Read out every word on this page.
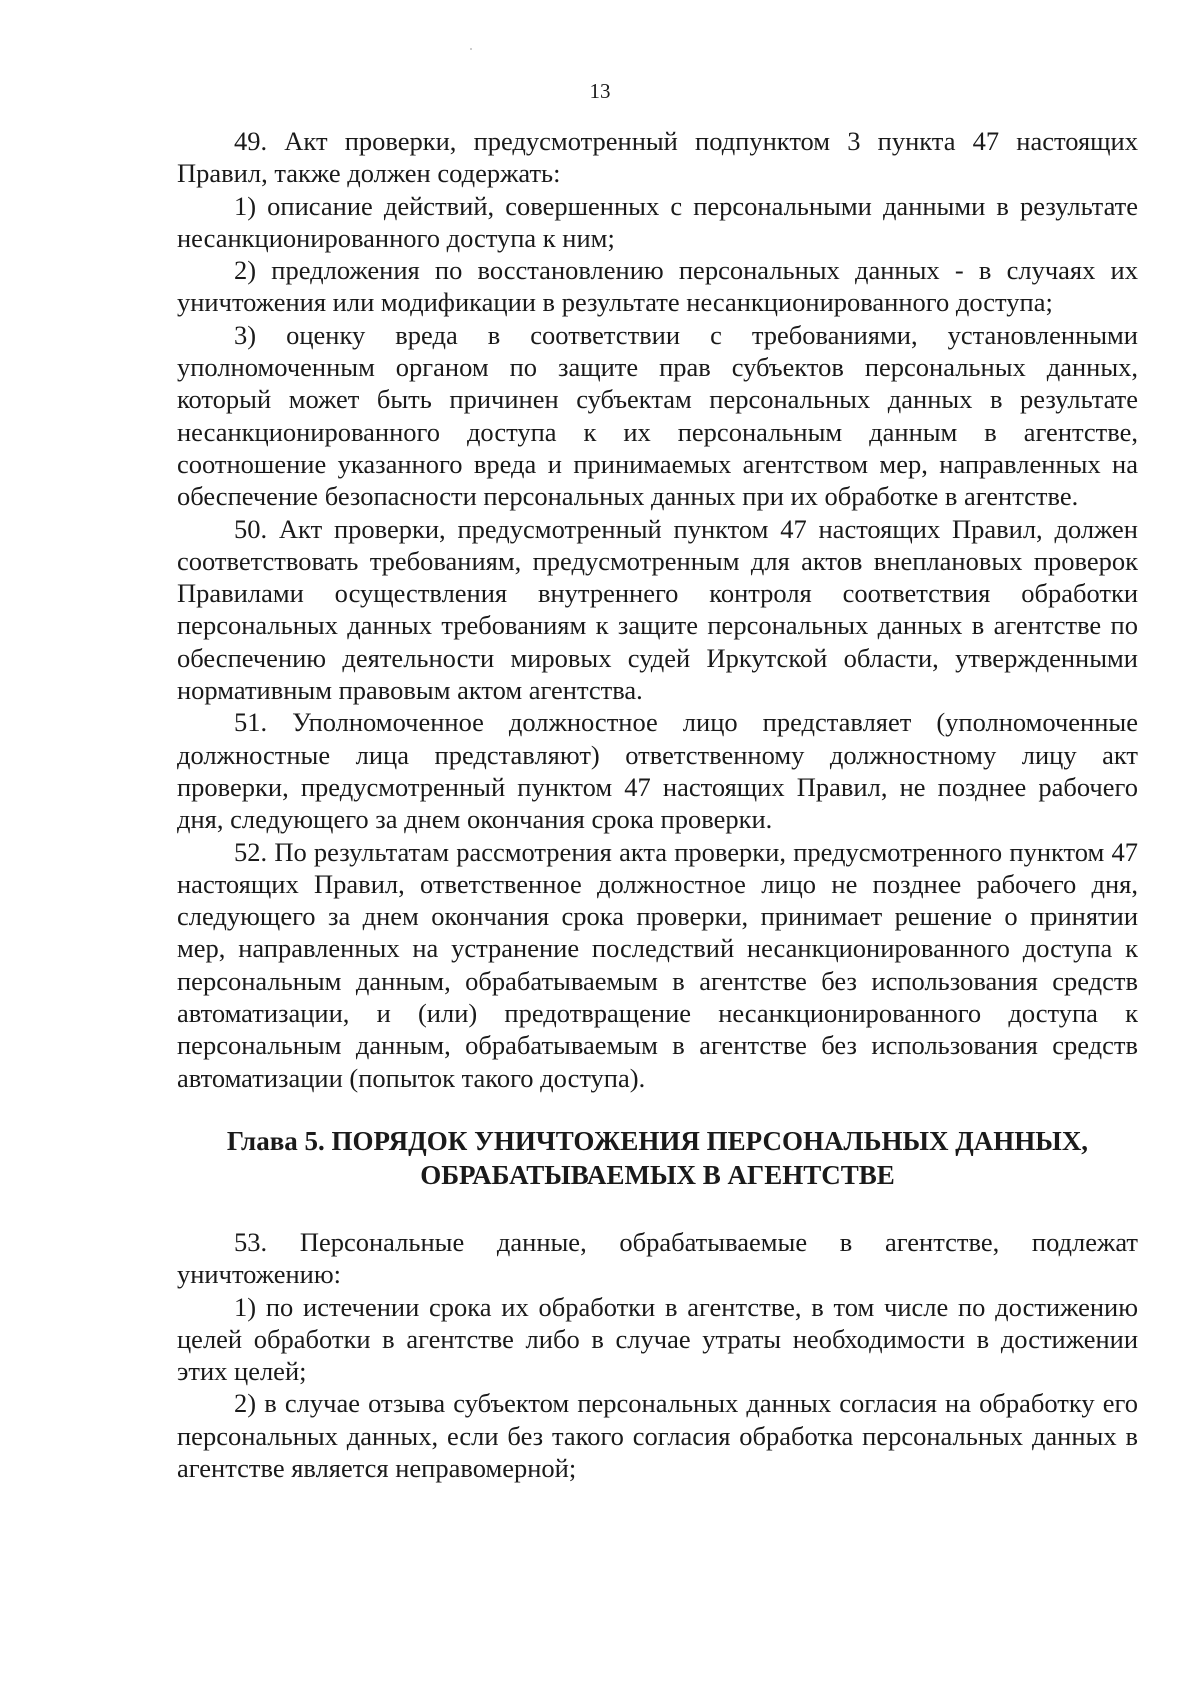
13

49. Акт проверки, предусмотренный подпунктом 3 пункта 47 настоящих Правил, также должен содержать:

1) описание действий, совершенных с персональными данными в результате несанкционированного доступа к ним;

2) предложения по восстановлению персональных данных - в случаях их уничтожения или модификации в результате несанкционированного доступа;

3) оценку вреда в соответствии с требованиями, установленными уполномоченным органом по защите прав субъектов персональных данных, который может быть причинен субъектам персональных данных в результате несанкционированного доступа к их персональным данным в агентстве, соотношение указанного вреда и принимаемых агентством мер, направленных на обеспечение безопасности персональных данных при их обработке в агентстве.

50. Акт проверки, предусмотренный пунктом 47 настоящих Правил, должен соответствовать требованиям, предусмотренным для актов внеплановых проверок Правилами осуществления внутреннего контроля соответствия обработки персональных данных требованиям к защите персональных данных в агентстве по обеспечению деятельности мировых судей Иркутской области, утвержденными нормативным правовым актом агентства.

51. Уполномоченное должностное лицо представляет (уполномоченные должностные лица представляют) ответственному должностному лицу акт проверки, предусмотренный пунктом 47 настоящих Правил, не позднее рабочего дня, следующего за днем окончания срока проверки.

52. По результатам рассмотрения акта проверки, предусмотренного пунктом 47 настоящих Правил, ответственное должностное лицо не позднее рабочего дня, следующего за днем окончания срока проверки, принимает решение о принятии мер, направленных на устранение последствий несанкционированного доступа к персональным данным, обрабатываемым в агентстве без использования средств автоматизации, и (или) предотвращение несанкционированного доступа к персональным данным, обрабатываемым в агентстве без использования средств автоматизации (попыток такого доступа).

Глава 5. ПОРЯДОК УНИЧТОЖЕНИЯ ПЕРСОНАЛЬНЫХ ДАННЫХ,
ОБРАБАТЫВАЕМЫХ В АГЕНТСТВЕ

53. Персональные данные, обрабатываемые в агентстве, подлежат уничтожению:

1) по истечении срока их обработки в агентстве, в том числе по достижению целей обработки в агентстве либо в случае утраты необходимости в достижении этих целей;

2) в случае отзыва субъектом персональных данных согласия на обработку его персональных данных, если без такого согласия обработка персональных данных в агентстве является неправомерной;
